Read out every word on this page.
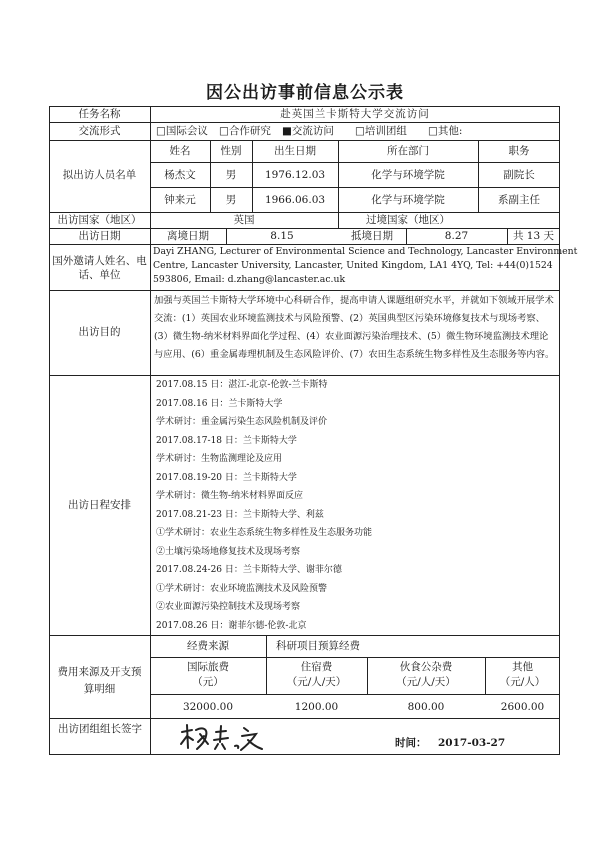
因公出访事前信息公示表
任务名称	赴英国兰卡斯特大学交流访问
交流形式	□国际会议 □合作研究 ■交流访问 □培训团组 □其他:
拟出访人员名单
姓名	性别	出生日期	所在部门	职务
杨杰文	男	1976.12.03	化学与环境学院	副院长
钟来元	男	1966.06.03	化学与环境学院	系副主任
出访国家（地区）	英国	过境国家（地区）
出访日期	离境日期	8.15	抵境日期	8.27	共 13 天
国外邀请人姓名、电话、单位
Dayi ZHANG, Lecturer of Environmental Science and Technology, Lancaster Environment
Centre, Lancaster University, Lancaster, United Kingdom, LA1 4YQ, Tel: +44(0)1524
593806, Email: d.zhang@lancaster.ac.uk
出访目的
加强与英国兰卡斯特大学环境中心科研合作，提高申请人课题组研究水平，并就如下领域开展学术交流：(1）英国农业环境监测技术与风险预警、(2）英国典型区污染环境修复技术与现场考察、(3）微生物-纳米材料界面化学过程、(4）农业面源污染治理技术、(5）微生物环境监测技术理论与应用、(6）重金属毒理机制及生态风险评价、(7）农田生态系统生物多样性及生态服务等内容。
出访日程安排
2017.08.15 日：湛江-北京-伦敦-兰卡斯特
2017.08.16 日：兰卡斯特大学
学术研讨：重金属污染生态风险机制及评价
2017.08.17-18 日：兰卡斯特大学
学术研讨：生物监测理论及应用
2017.08.19-20 日：兰卡斯特大学
学术研讨：微生物-纳米材料界面反应
2017.08.21-23 日：兰卡斯特大学、利兹
①学术研讨：农业生态系统生物多样性及生态服务功能
②土壤污染场地修复技术及现场考察
2017.08.24-26 日：兰卡斯特大学、谢菲尔德
①学术研讨：农业环境监测技术及风险预警
②农业面源污染控制技术及现场考察
2017.08.26 日：谢菲尔德-伦敦-北京
费用来源及开支预算明细
经费来源	科研项目预算经费
国际旅费
（元）
住宿费
（元/人/天）
伙食公杂费
（元/人/天）
其他
（元/人）
32000.00	1200.00	800.00	2600.00
出访团组组长签字
时间： 2017-03-27
